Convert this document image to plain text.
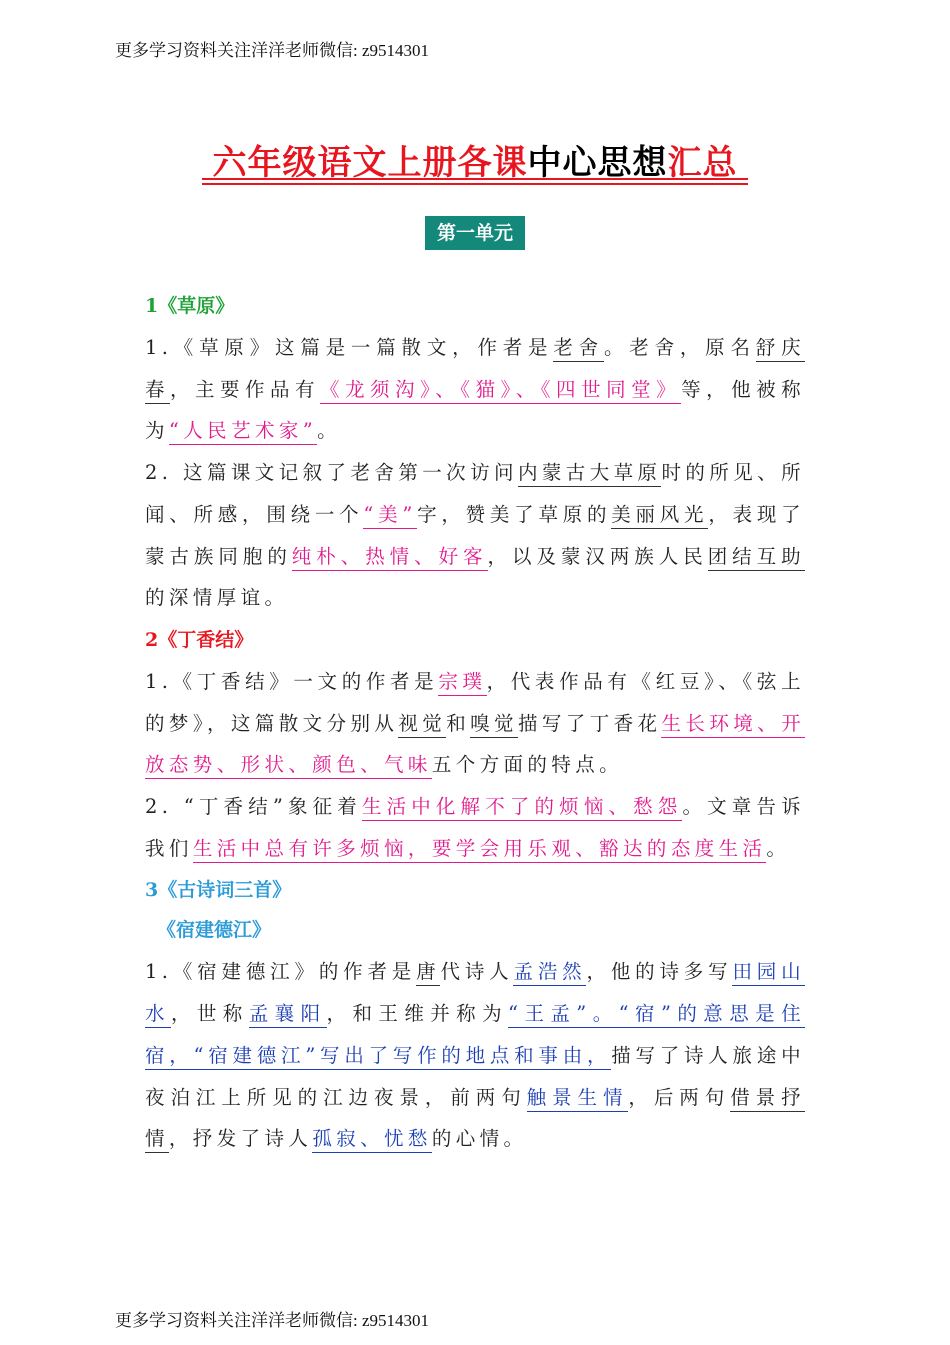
更多学习资料关注洋洋老师微信: z9514301
六年级语文上册各课中心思想汇总
第一单元
1《草原》

1.《草原》这篇是一篇散文，作者是老舍。老舍，原名舒庆春，主要作品有《龙须沟》、《猫》、《四世同堂》等，他被称为“人民艺术家”。

2. 这篇课文记叙了老舍第一次访问内蒙古大草原时的所见、所闻、所感，围绕一个“美”字，赞美了草原的美丽风光，表现了蒙古族同胞的纯朴、热情、好客，以及蒙汉两族人民团结互助的深情厚谊。

2《丁香结》

1.《丁香结》一文的作者是宗璞，代表作品有《红豆》、《弦上的梦》，这篇散文分别从视觉和嗅觉描写了丁香花生长环境、开放态势、形状、颜色、气味五个方面的特点。

2. “丁香结”象征着生活中化解不了的烦恼、愁怨。文章告诉我们生活中总有许多烦恼，要学会用乐观、豁达的态度生活。

3《古诗词三首》
《宿建德江》

1.《宿建德江》的作者是唐代诗人孟浩然，他的诗多写田园山水，世称孟襄阳，和王维并称为“王孟”。“宿”的意思是住宿，“宿建德江”写出了写作的地点和事由，描写了诗人旅途中夜泊江上所见的江边夜景，前两句触景生情，后两句借景抒情，抒发了诗人孤寂、忧愁的心情。

更多学习资料关注洋洋老师微信: z9514301
